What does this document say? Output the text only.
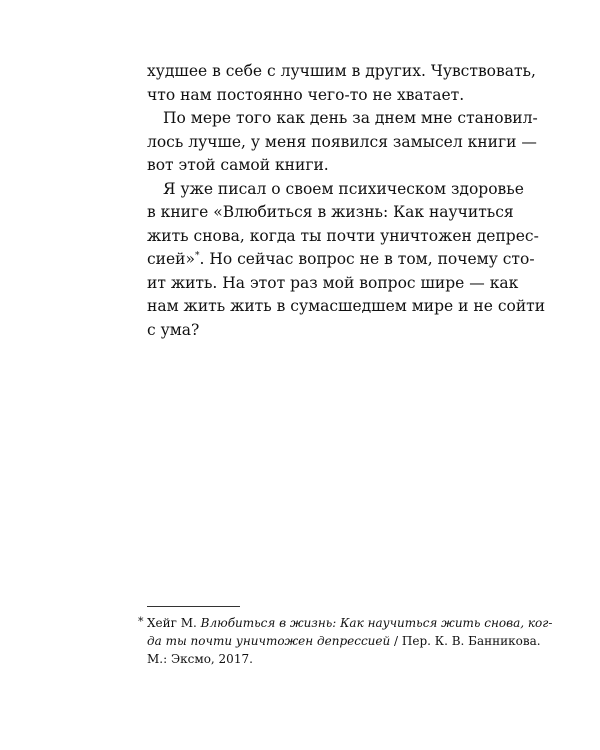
худшее в себе с лучшим в других. Чувствовать,
что нам постоянно чего-то не хватает.
По мере того как день за днем мне становил-
лось лучше, у меня появился замысел книги —
вот этой самой книги.
Я уже писал о своем психическом здоровье
в книге «Влюбиться в жизнь: Как научиться
жить снова, когда ты почти уничтожен депрес-
сией»*. Но сейчас вопрос не в том, почему сто-
ит жить. На этот раз мой вопрос шире — как
нам жить жить в сумасшедшем мире и не сойти
с ума?
* Хейг М. Влюбиться в жизнь: Как научиться жить снова, ког-
да ты почти уничтожен депрессией / Пер. К. В. Банникова.
М.: Эксмо, 2017.
